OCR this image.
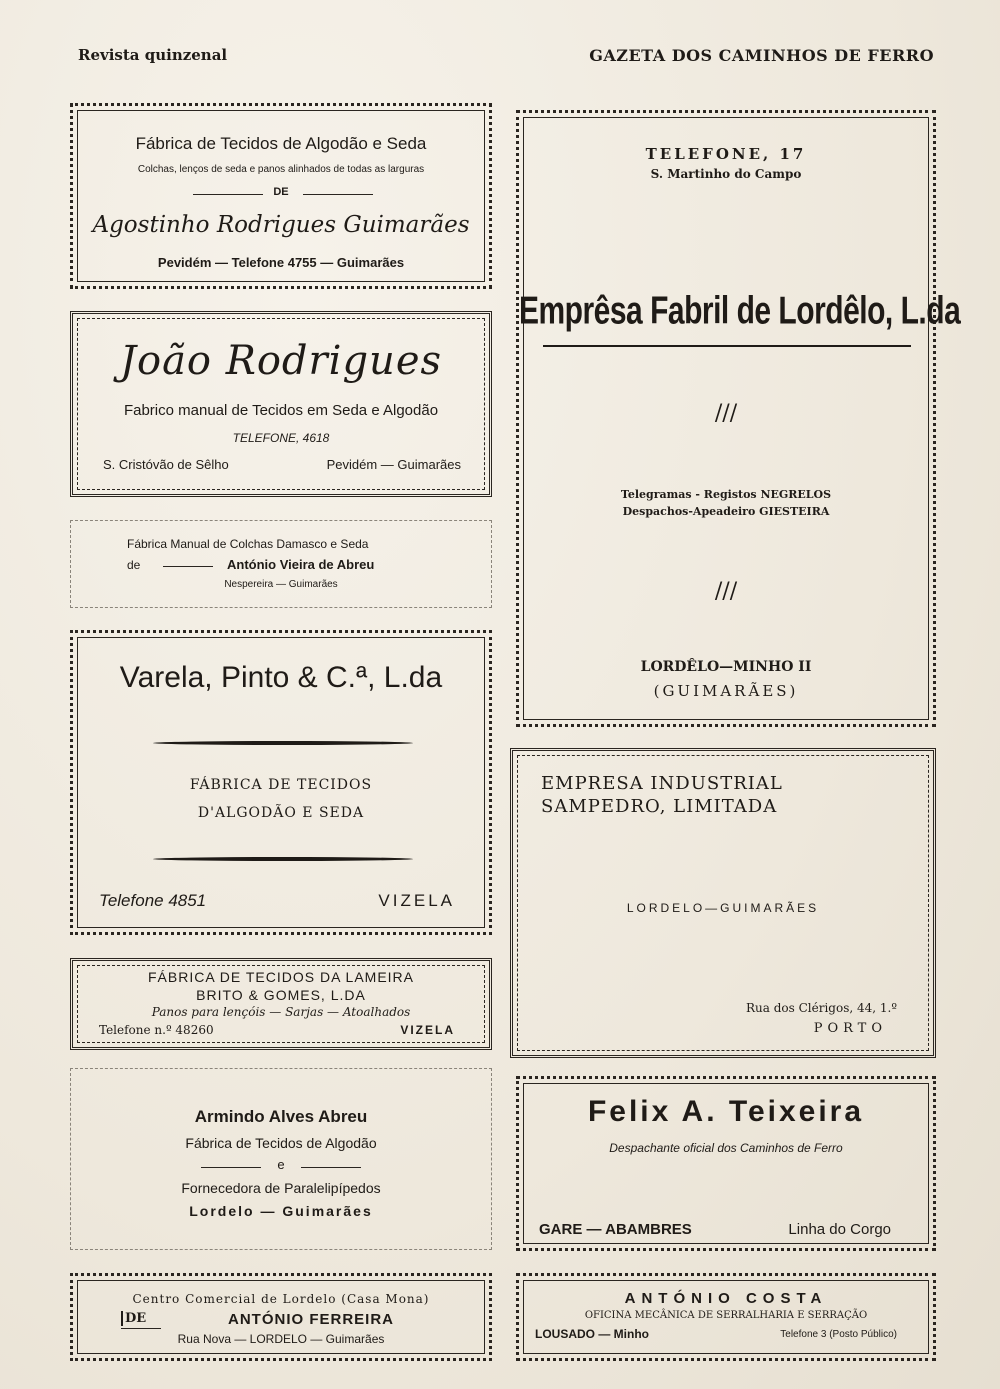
Revista quinzenal	GAZETA DOS CAMINHOS DE FERRO
Fábrica de Tecidos de Algodão e Seda
Colchas, lenços de seda e panos alinhados de todas as larguras
DE
Agostinho Rodrigues Guimarães
Pevidém — Telefone 4755 — Guimarães
João Rodrigues
Fabrico manual de Tecidos em Seda e Algodão
TELEFONE, 4618
S. Cristóvão de Sêlho	Pevidém — Guimarães
Fábrica Manual de Colchas Damasco e Seda
de	António Vieira de Abreu
Nespereira — Guimarães
Varela, Pinto & C.ª, L.da
FÁBRICA DE TECIDOS
D'ALGODÃO E SEDA
Telefone 4851	VIZELA
FÁBRICA DE TECIDOS DA LAMEIRA
BRITO & GOMES, L.DA
Panos para lençóis — Sarjas — Atoalhados
Telefone n.º 48260	VIZELA
Armindo Alves Abreu
Fábrica de Tecidos de Algodão
e
Fornecedora de Paralelipípedos
Lordelo — Guimarães
Centro Comercial de Lordelo (Casa Mona)
DE	ANTÓNIO FERREIRA
Rua Nova — LORDELO — Guimarães
TELEFONE, 17
S. Martinho do Campo
Emprêsa Fabril de Lordêlo, L.da
///
Telegramas - Registos NEGRELOS
Despachos-Apeadeiro GIESTEIRA
///
LORDÊLO—MINHO II
(GUIMARÃES)
EMPRESA INDUSTRIAL
SAMPEDRO, LIMITADA
LORDELO—GUIMARÃES
Rua dos Clérigos, 44, 1.º
PORTO
Felix A. Teixeira
Despachante oficial dos Caminhos de Ferro
GARE — ABAMBRES	Linha do Corgo
ANTÓNIO COSTA
OFICINA MECÂNICA DE SERRALHARIA E SERRAÇÃO
LOUSADO — Minho	Telefone 3 (Posto Público)
